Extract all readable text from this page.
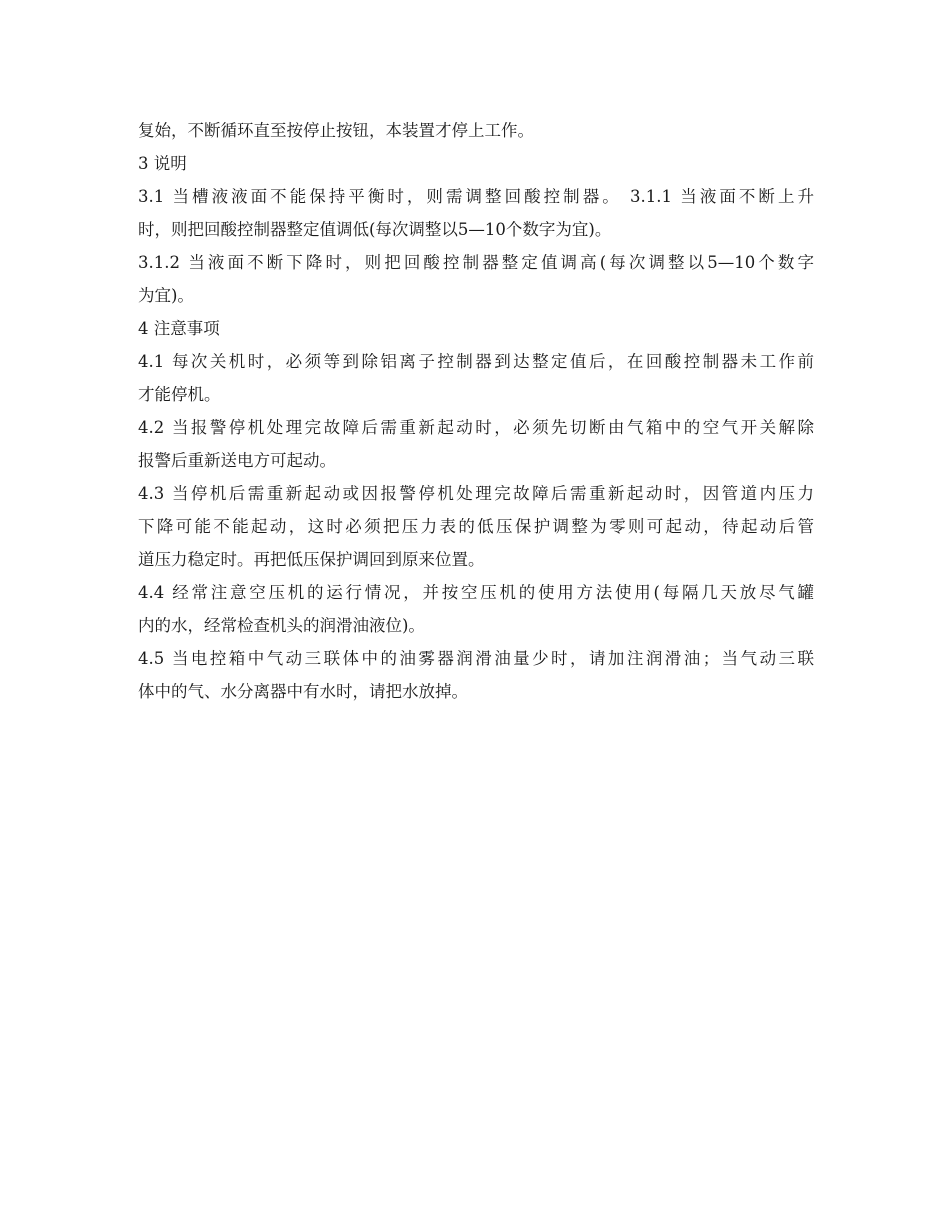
复始，不断循环直至按停止按钮，本装置才停上工作。

3 说明

3.1 当槽液液面不能保持平衡时，则需调整回酸控制器。 3.1.1 当液面不断上升

时，则把回酸控制器整定值调低(每次调整以5—10个数字为宜)。

3.1.2 当液面不断下降时，则把回酸控制器整定值调高(每次调整以5—10个数字

为宜)。

4 注意事项

4.1 每次关机时，必须等到除铝离子控制器到达整定值后，在回酸控制器未工作前

才能停机。

4.2 当报警停机处理完故障后需重新起动时，必须先切断由气箱中的空气开关解除

报警后重新送电方可起动。

4.3 当停机后需重新起动或因报警停机处理完故障后需重新起动时，因管道内压力

下降可能不能起动，这时必须把压力表的低压保护调整为零则可起动，待起动后管

道压力稳定时。再把低压保护调回到原来位置。

4.4 经常注意空压机的运行情况，并按空压机的使用方法使用(每隔几天放尽气罐

内的水，经常检查机头的润滑油液位)。

4.5 当电控箱中气动三联体中的油雾器润滑油量少时，请加注润滑油；当气动三联

体中的气、水分离器中有水时，请把水放掉。
